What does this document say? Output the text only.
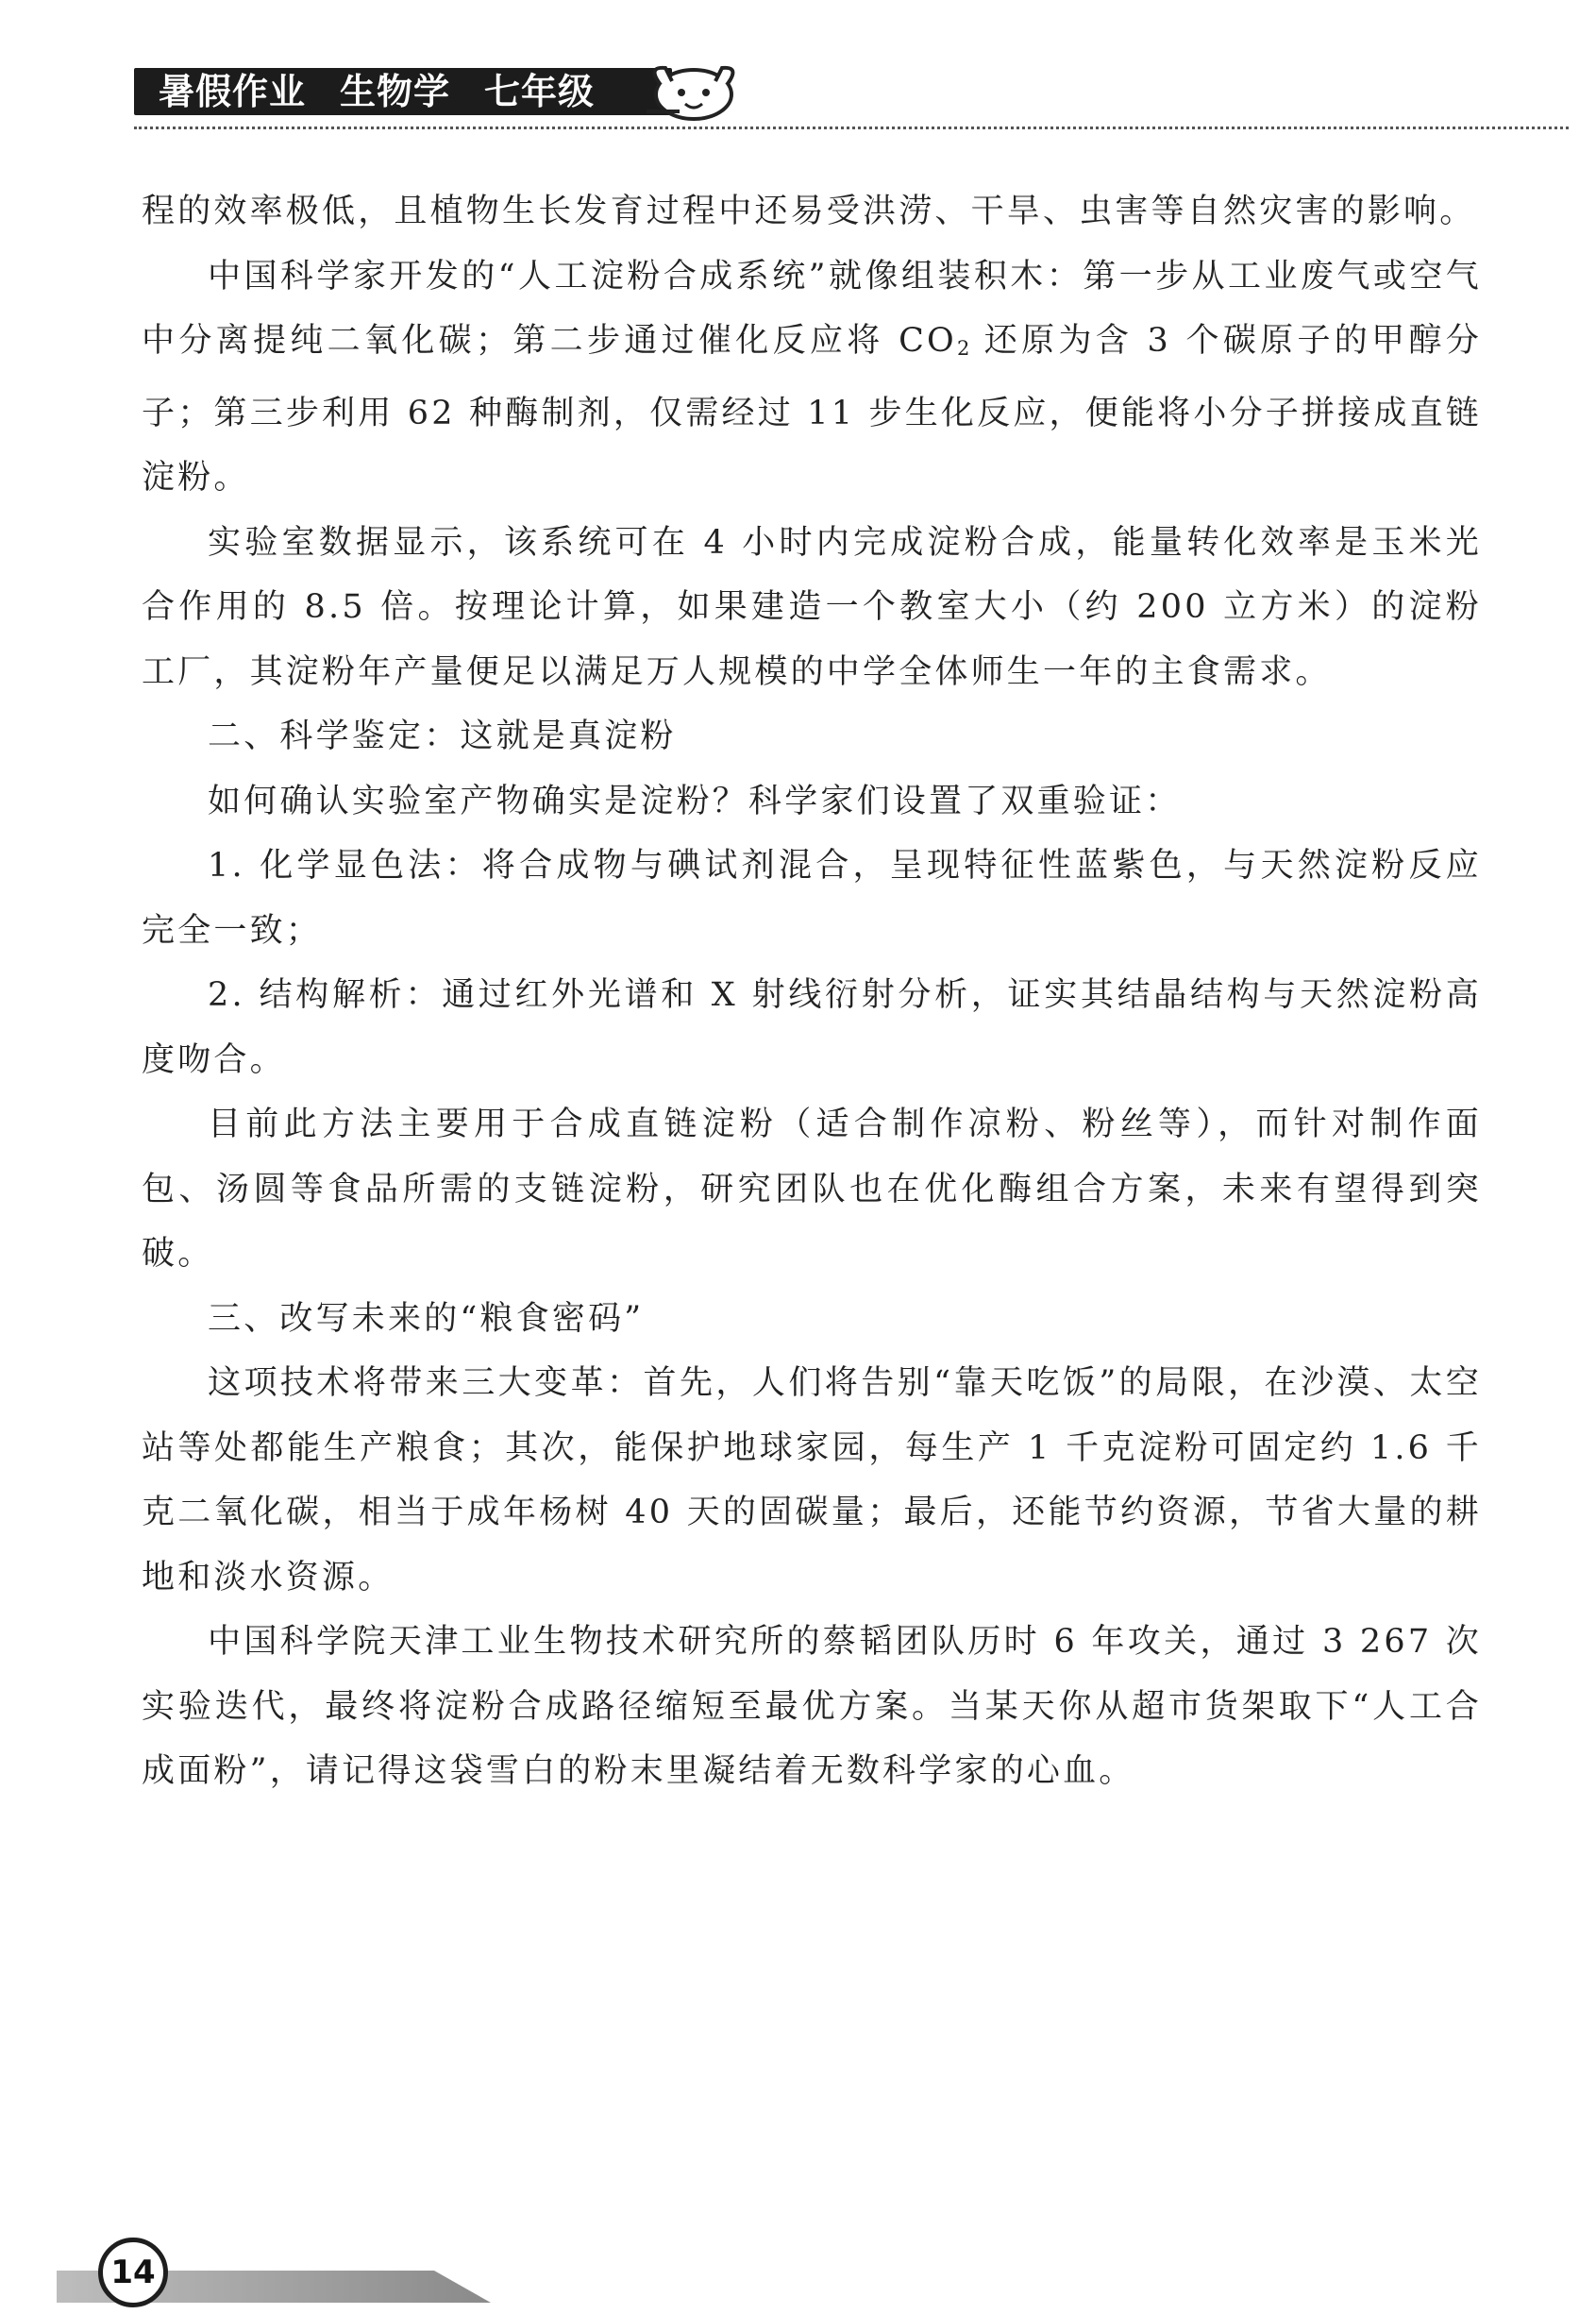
暑假作业 生物学 七年级

程的效率极低，且植物生长发育过程中还易受洪涝、干旱、虫害等自然灾害的影响。

中国科学家开发的“人工淀粉合成系统”就像组装积木：第一步从工业废气或空气中分离提纯二氧化碳；第二步通过催化反应将 $CO_2$ 还原为含 3 个碳原子的甲醇分子；第三步利用 62 种酶制剂，仅需经过 11 步生化反应，便能将小分子拼接成直链淀粉。

实验室数据显示，该系统可在 4 小时内完成淀粉合成，能量转化效率是玉米光合作用的 8.5 倍。按理论计算，如果建造一个教室大小（约 200 立方米）的淀粉工厂，其淀粉年产量便足以满足万人规模的中学全体师生一年的主食需求。

二、科学鉴定：这就是真淀粉

如何确认实验室产物确实是淀粉？科学家们设置了双重验证：

1. 化学显色法：将合成物与碘试剂混合，呈现特征性蓝紫色，与天然淀粉反应完全一致；

2. 结构解析：通过红外光谱和 X 射线衍射分析，证实其结晶结构与天然淀粉高度吻合。

目前此方法主要用于合成直链淀粉（适合制作凉粉、粉丝等），而针对制作面包、汤圆等食品所需的支链淀粉，研究团队也在优化酶组合方案，未来有望得到突破。

三、改写未来的“粮食密码”

这项技术将带来三大变革：首先，人们将告别“靠天吃饭”的局限，在沙漠、太空站等处都能生产粮食；其次，能保护地球家园，每生产 1 千克淀粉可固定约 1.6 千克二氧化碳，相当于成年杨树 40 天的固碳量；最后，还能节约资源，节省大量的耕地和淡水资源。

中国科学院天津工业生物技术研究所的蔡韬团队历时 6 年攻关，通过 3 267 次实验迭代，最终将淀粉合成路径缩短至最优方案。当某天你从超市货架取下“人工合成面粉”，请记得这袋雪白的粉末里凝结着无数科学家的心血。

14
